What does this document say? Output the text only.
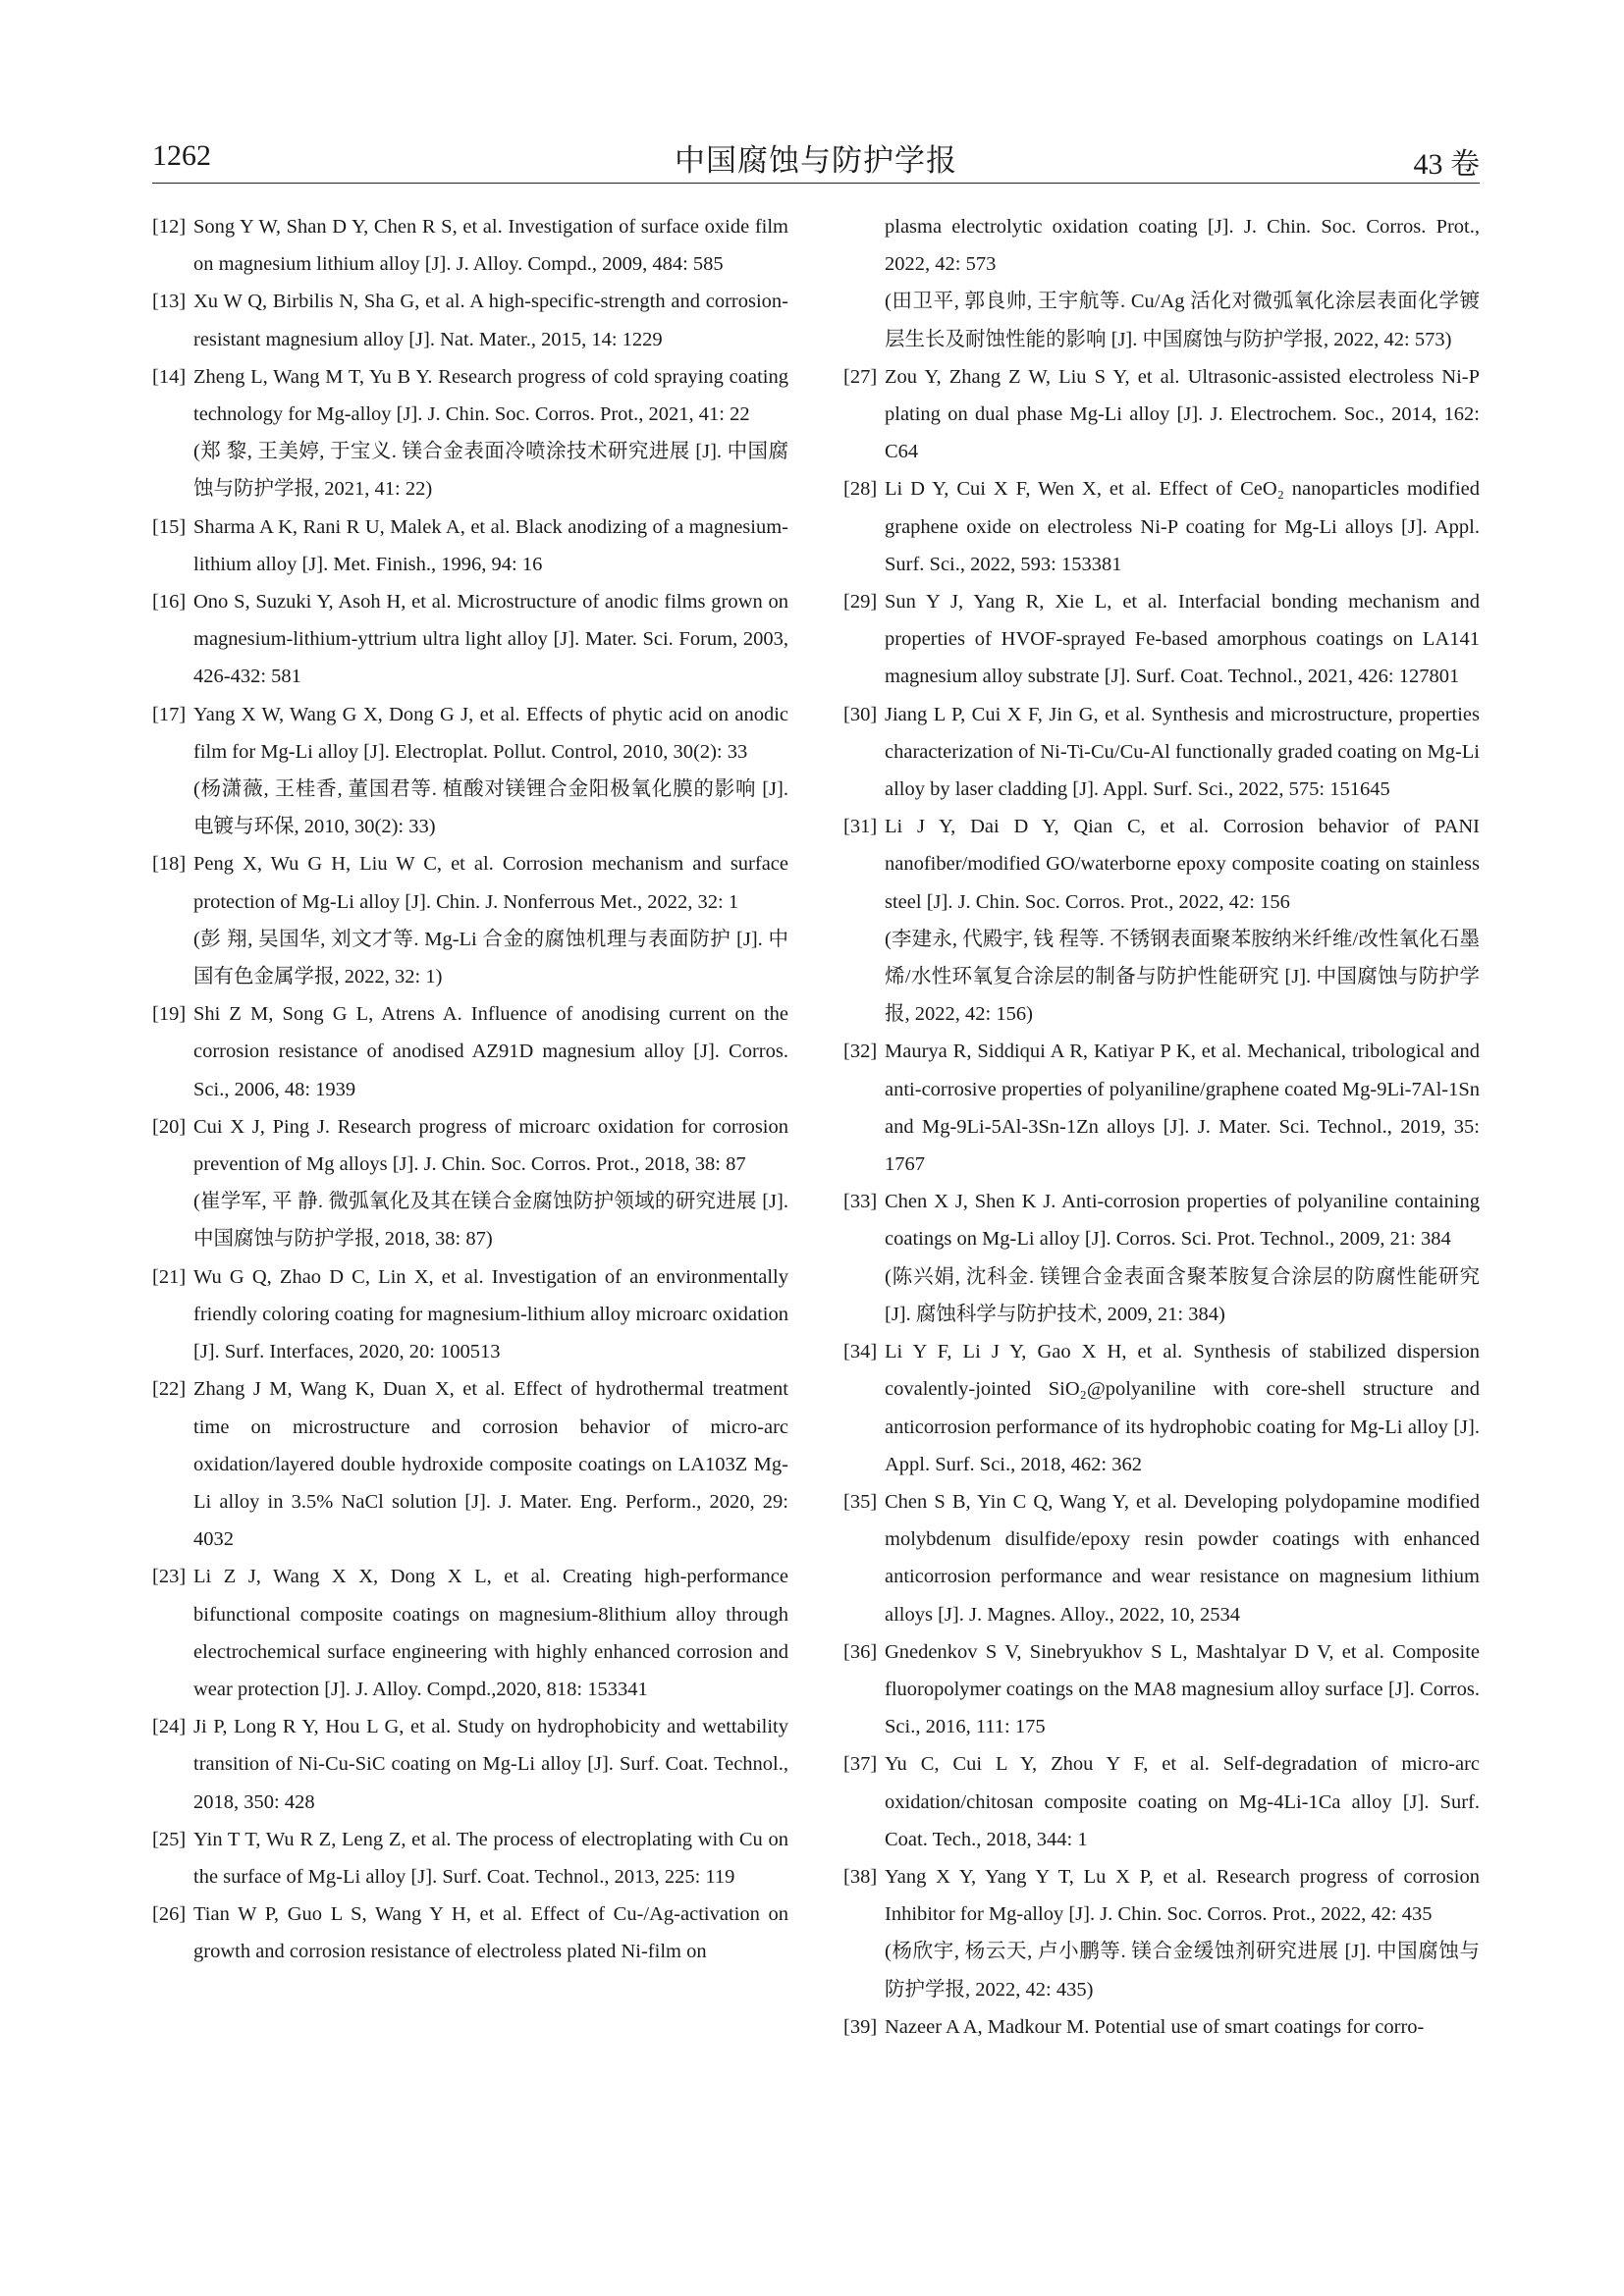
1262	中国腐蚀与防护学报	43 卷
[12] Song Y W, Shan D Y, Chen R S, et al. Investigation of surface oxide film on magnesium lithium alloy [J]. J. Alloy. Compd., 2009, 484: 585
[13] Xu W Q, Birbilis N, Sha G, et al. A high-specific-strength and corrosion-resistant magnesium alloy [J]. Nat. Mater., 2015, 14: 1229
[14] Zheng L, Wang M T, Yu B Y. Research progress of cold spraying coating technology for Mg-alloy [J]. J. Chin. Soc. Corros. Prot., 2021, 41: 22
(郑 黎, 王美婷, 于宝义. 镁合金表面冷喷涂技术研究进展 [J]. 中国腐蚀与防护学报, 2021, 41: 22)
[15] Sharma A K, Rani R U, Malek A, et al. Black anodizing of a magnesium-lithium alloy [J]. Met. Finish., 1996, 94: 16
[16] Ono S, Suzuki Y, Asoh H, et al. Microstructure of anodic films grown on magnesium-lithium-yttrium ultra light alloy [J]. Mater. Sci. Forum, 2003, 426-432: 581
[17] Yang X W, Wang G X, Dong G J, et al. Effects of phytic acid on anodic film for Mg-Li alloy [J]. Electroplat. Pollut. Control, 2010, 30(2): 33
(杨潇薇, 王桂香, 董国君等. 植酸对镁锂合金阳极氧化膜的影响 [J]. 电镀与环保, 2010, 30(2): 33)
[18] Peng X, Wu G H, Liu W C, et al. Corrosion mechanism and surface protection of Mg-Li alloy [J]. Chin. J. Nonferrous Met., 2022, 32: 1
(彭 翔, 吴国华, 刘文才等. Mg-Li 合金的腐蚀机理与表面防护 [J]. 中国有色金属学报, 2022, 32: 1)
[19] Shi Z M, Song G L, Atrens A. Influence of anodising current on the corrosion resistance of anodised AZ91D magnesium alloy [J]. Corros. Sci., 2006, 48: 1939
[20] Cui X J, Ping J. Research progress of microarc oxidation for corrosion prevention of Mg alloys [J]. J. Chin. Soc. Corros. Prot., 2018, 38: 87
(崔学军, 平 静. 微弧氧化及其在镁合金腐蚀防护领域的研究进展 [J]. 中国腐蚀与防护学报, 2018, 38: 87)
[21] Wu G Q, Zhao D C, Lin X, et al. Investigation of an environmentally friendly coloring coating for magnesium-lithium alloy microarc oxidation [J]. Surf. Interfaces, 2020, 20: 100513
[22] Zhang J M, Wang K, Duan X, et al. Effect of hydrothermal treatment time on microstructure and corrosion behavior of micro-arc oxidation/layered double hydroxide composite coatings on LA103Z Mg-Li alloy in 3.5% NaCl solution [J]. J. Mater. Eng. Perform., 2020, 29: 4032
[23] Li Z J, Wang X X, Dong X L, et al. Creating high-performance bifunctional composite coatings on magnesium-8lithium alloy through electrochemical surface engineering with highly enhanced corrosion and wear protection [J]. J. Alloy. Compd.,2020, 818: 153341
[24] Ji P, Long R Y, Hou L G, et al. Study on hydrophobicity and wettability transition of Ni-Cu-SiC coating on Mg-Li alloy [J]. Surf. Coat. Technol., 2018, 350: 428
[25] Yin T T, Wu R Z, Leng Z, et al. The process of electroplating with Cu on the surface of Mg-Li alloy [J]. Surf. Coat. Technol., 2013, 225: 119
[26] Tian W P, Guo L S, Wang Y H, et al. Effect of Cu-/Ag-activation on growth and corrosion resistance of electroless plated Ni-film on
plasma electrolytic oxidation coating [J]. J. Chin. Soc. Corros. Prot., 2022, 42: 573
(田卫平, 郭良帅, 王宇航等. Cu/Ag 活化对微弧氧化涂层表面化学镀层生长及耐蚀性能的影响 [J]. 中国腐蚀与防护学报, 2022, 42: 573)
[27] Zou Y, Zhang Z W, Liu S Y, et al. Ultrasonic-assisted electroless Ni-P plating on dual phase Mg-Li alloy [J]. J. Electrochem. Soc., 2014, 162: C64
[28] Li D Y, Cui X F, Wen X, et al. Effect of CeO₂ nanoparticles modified graphene oxide on electroless Ni-P coating for Mg-Li alloys [J]. Appl. Surf. Sci., 2022, 593: 153381
[29] Sun Y J, Yang R, Xie L, et al. Interfacial bonding mechanism and properties of HVOF-sprayed Fe-based amorphous coatings on LA141 magnesium alloy substrate [J]. Surf. Coat. Technol., 2021, 426: 127801
[30] Jiang L P, Cui X F, Jin G, et al. Synthesis and microstructure, properties characterization of Ni-Ti-Cu/Cu-Al functionally graded coating on Mg-Li alloy by laser cladding [J]. Appl. Surf. Sci., 2022, 575: 151645
[31] Li J Y, Dai D Y, Qian C, et al. Corrosion behavior of PANI nanofiber/modified GO/waterborne epoxy composite coating on stainless steel [J]. J. Chin. Soc. Corros. Prot., 2022, 42: 156
(李建永, 代殿宇, 钱 程等. 不锈钢表面聚苯胺纳米纤维/改性氧化石墨烯/水性环氧复合涂层的制备与防护性能研究 [J]. 中国腐蚀与防护学报, 2022, 42: 156)
[32] Maurya R, Siddiqui A R, Katiyar P K, et al. Mechanical, tribological and anti-corrosive properties of polyaniline/graphene coated Mg-9Li-7Al-1Sn and Mg-9Li-5Al-3Sn-1Zn alloys [J]. J. Mater. Sci. Technol., 2019, 35: 1767
[33] Chen X J, Shen K J. Anti-corrosion properties of polyaniline containing coatings on Mg-Li alloy [J]. Corros. Sci. Prot. Technol., 2009, 21: 384
(陈兴娟, 沈科金. 镁锂合金表面含聚苯胺复合涂层的防腐性能研究 [J]. 腐蚀科学与防护技术, 2009, 21: 384)
[34] Li Y F, Li J Y, Gao X H, et al. Synthesis of stabilized dispersion covalently-jointed SiO₂@polyaniline with core-shell structure and anticorrosion performance of its hydrophobic coating for Mg-Li alloy [J]. Appl. Surf. Sci., 2018, 462: 362
[35] Chen S B, Yin C Q, Wang Y, et al. Developing polydopamine modified molybdenum disulfide/epoxy resin powder coatings with enhanced anticorrosion performance and wear resistance on magnesium lithium alloys [J]. J. Magnes. Alloy., 2022, 10, 2534
[36] Gnedenkov S V, Sinebryukhov S L, Mashtalyar D V, et al. Composite fluoropolymer coatings on the MA8 magnesium alloy surface [J]. Corros. Sci., 2016, 111: 175
[37] Yu C, Cui L Y, Zhou Y F, et al. Self-degradation of micro-arc oxidation/chitosan composite coating on Mg-4Li-1Ca alloy [J]. Surf. Coat. Tech., 2018, 344: 1
[38] Yang X Y, Yang Y T, Lu X P, et al. Research progress of corrosion Inhibitor for Mg-alloy [J]. J. Chin. Soc. Corros. Prot., 2022, 42: 435
(杨欣宇, 杨云天, 卢小鹏等. 镁合金缓蚀剂研究进展 [J]. 中国腐蚀与防护学报, 2022, 42: 435)
[39] Nazeer A A, Madkour M. Potential use of smart coatings for corro-
